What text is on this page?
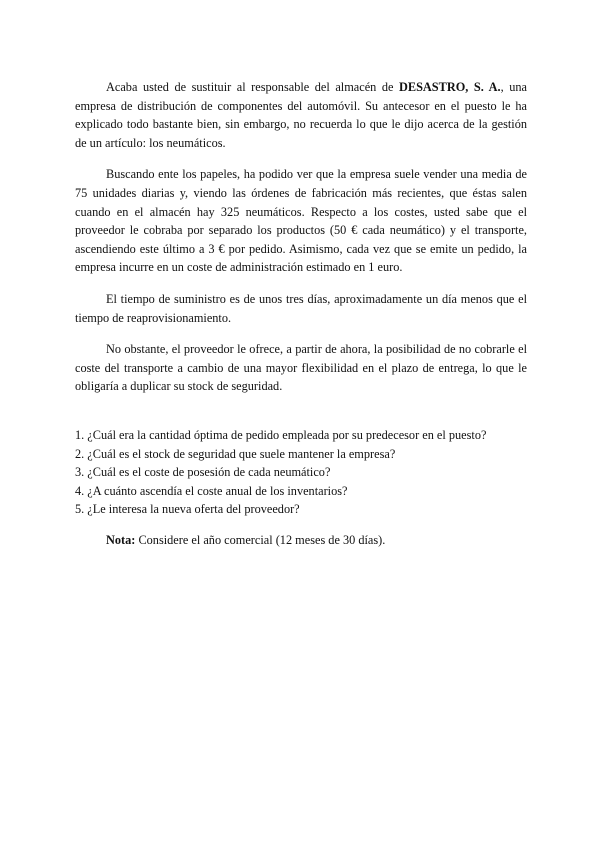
Acaba usted de sustituir al responsable del almacén de DESASTRO, S. A., una empresa de distribución de componentes del automóvil. Su antecesor en el puesto le ha explicado todo bastante bien, sin embargo, no recuerda lo que le dijo acerca de la gestión de un artículo: los neumáticos.

Buscando ente los papeles, ha podido ver que la empresa suele vender una media de 75 unidades diarias y, viendo las órdenes de fabricación más recientes, que éstas salen cuando en el almacén hay 325 neumáticos. Respecto a los costes, usted sabe que el proveedor le cobraba por separado los productos (50 € cada neumático) y el transporte, ascendiendo este último a 3 € por pedido. Asimismo, cada vez que se emite un pedido, la empresa incurre en un coste de administración estimado en 1 euro.

El tiempo de suministro es de unos tres días, aproximadamente un día menos que el tiempo de reaprovisionamiento.

No obstante, el proveedor le ofrece, a partir de ahora, la posibilidad de no cobrarle el coste del transporte a cambio de una mayor flexibilidad en el plazo de entrega, lo que le obligaría a duplicar su stock de seguridad.

1. ¿Cuál era la cantidad óptima de pedido empleada por su predecesor en el puesto?
2. ¿Cuál es el stock de seguridad que suele mantener la empresa?
3. ¿Cuál es el coste de posesión de cada neumático?
4. ¿A cuánto ascendía el coste anual de los inventarios?
5. ¿Le interesa la nueva oferta del proveedor?

Nota: Considere el año comercial (12 meses de 30 días).
